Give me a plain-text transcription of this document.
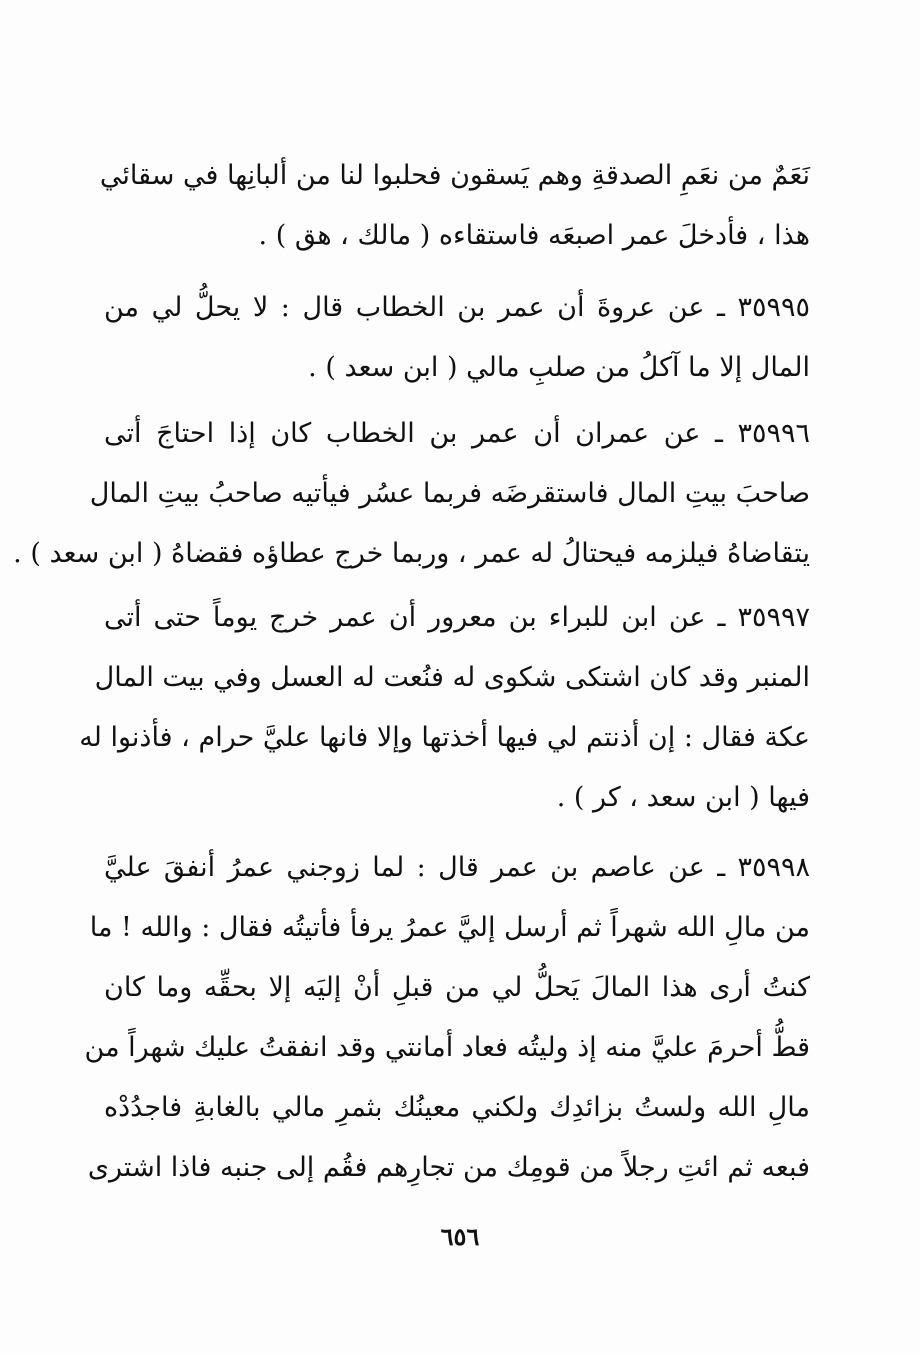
نَعَمٌ من نعَمِ الصدقةِ وهم يَسقون فحلبوا لنا من ألبانِها في سقائي
هذا ، فأدخلَ عمر اصبعَه فاستقاءه ( مالك ، هق ) .
٣٥٩٩٥ ـ عن عروةَ أن عمر بن الخطاب قال : لا يحلُّ لي من
المال إلا ما آكلُ من صلبِ مالي ( ابن سعد ) .
٣٥٩٩٦ ـ عن عمران أن عمر بن الخطاب كان إذا احتاجَ أتى
صاحبَ بيتِ المال فاستقرضَه فربما عسُر فيأتيه صاحبُ بيتِ المال
يتقاضاهُ فيلزمه فيحتالُ له عمر ، وربما خرج عطاؤه فقضاهُ ( ابن سعد ) .
٣٥٩٩٧ ـ عن ابن للبراء بن معرور أن عمر خرج يوماً حتى أتى
المنبر وقد كان اشتكى شكوى له فنُعت له العسل وفي بيت المال
عكة فقال : إن أذنتم لي فيها أخذتها وإلا فانها عليَّ حرام ، فأذنوا له
فيها ( ابن سعد ، كر ) .
٣٥٩٩٨ ـ عن عاصم بن عمر قال : لما زوجني عمرُ أنفقَ عليَّ
من مالِ الله شهراً ثم أرسل إليَّ عمرُ يرفأ فأتيتُه فقال : والله ! ما
كنتُ أرى هذا المالَ يَحلُّ لي من قبلِ أنْ إليَه إلا بحقِّه وما كان
قطُّ أحرمَ عليَّ منه إذ وليتُه فعاد أمانتي وقد انفقتُ عليك شهراً من
مالِ الله ولستُ بزائدِك ولكني معينُك بثمرِ مالي بالغابةِ فاجدُدْه
فبعه ثم ائتِ رجلاً من قومِك من تجارِهم فقُم إلى جنبه فاذا اشترى
٦٥٦
